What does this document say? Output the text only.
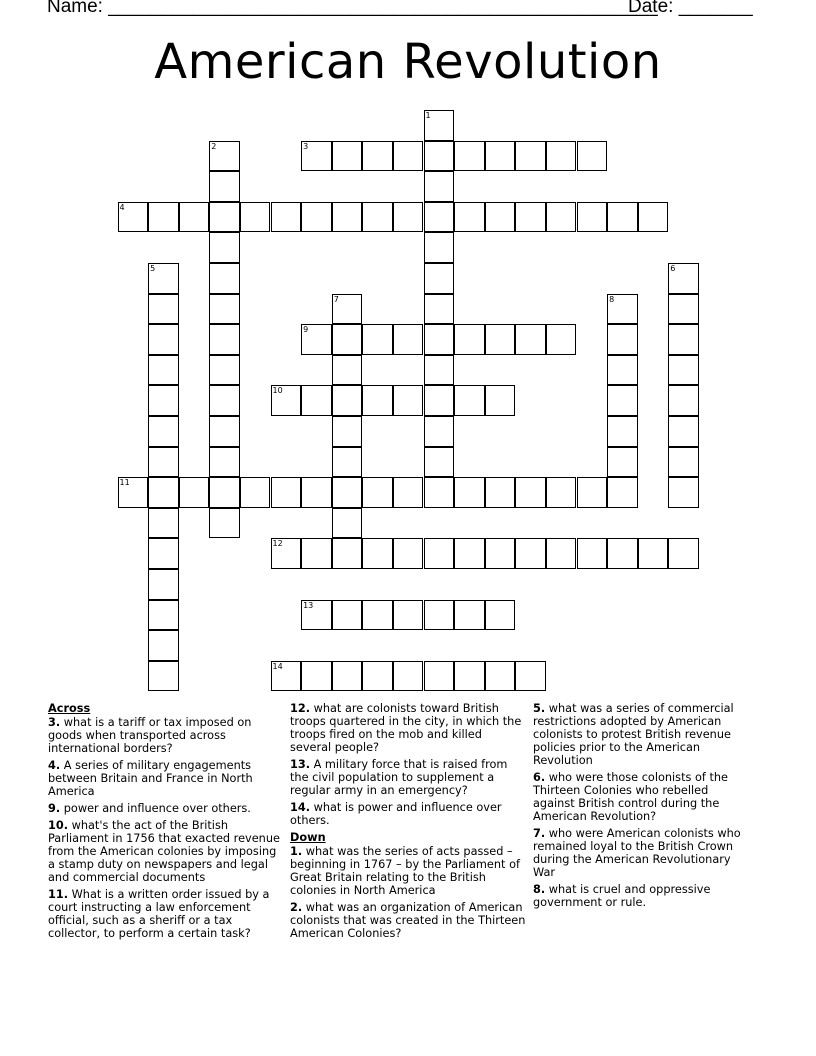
Name: ____________________________________________________
Date: _______
American Revolution
1
2	3
4
5	6
7	8
9
10
11
12
13
14
Across
3. what is a tariff or tax imposed on goods when transported across international borders?
4. A series of military engagements between Britain and France in North America
9. power and influence over others.
10. what's the act of the British Parliament in 1756 that exacted revenue from the American colonies by imposing a stamp duty on newspapers and legal and commercial documents
11. What is a written order issued by a court instructing a law enforcement official, such as a sheriff or a tax collector, to perform a certain task?
12. what are colonists toward British troops quartered in the city, in which the troops fired on the mob and killed several people?
13. A military force that is raised from the civil population to supplement a regular army in an emergency?
14. what is power and influence over others.
Down
1. what was the series of acts passed – beginning in 1767 – by the Parliament of Great Britain relating to the British colonies in North America
2. what was an organization of American colonists that was created in the Thirteen American Colonies?
5. what was a series of commercial restrictions adopted by American colonists to protest British revenue policies prior to the American Revolution
6. who were those colonists of the Thirteen Colonies who rebelled against British control during the American Revolution?
7. who were American colonists who remained loyal to the British Crown during the American Revolutionary War
8. what is cruel and oppressive government or rule.
